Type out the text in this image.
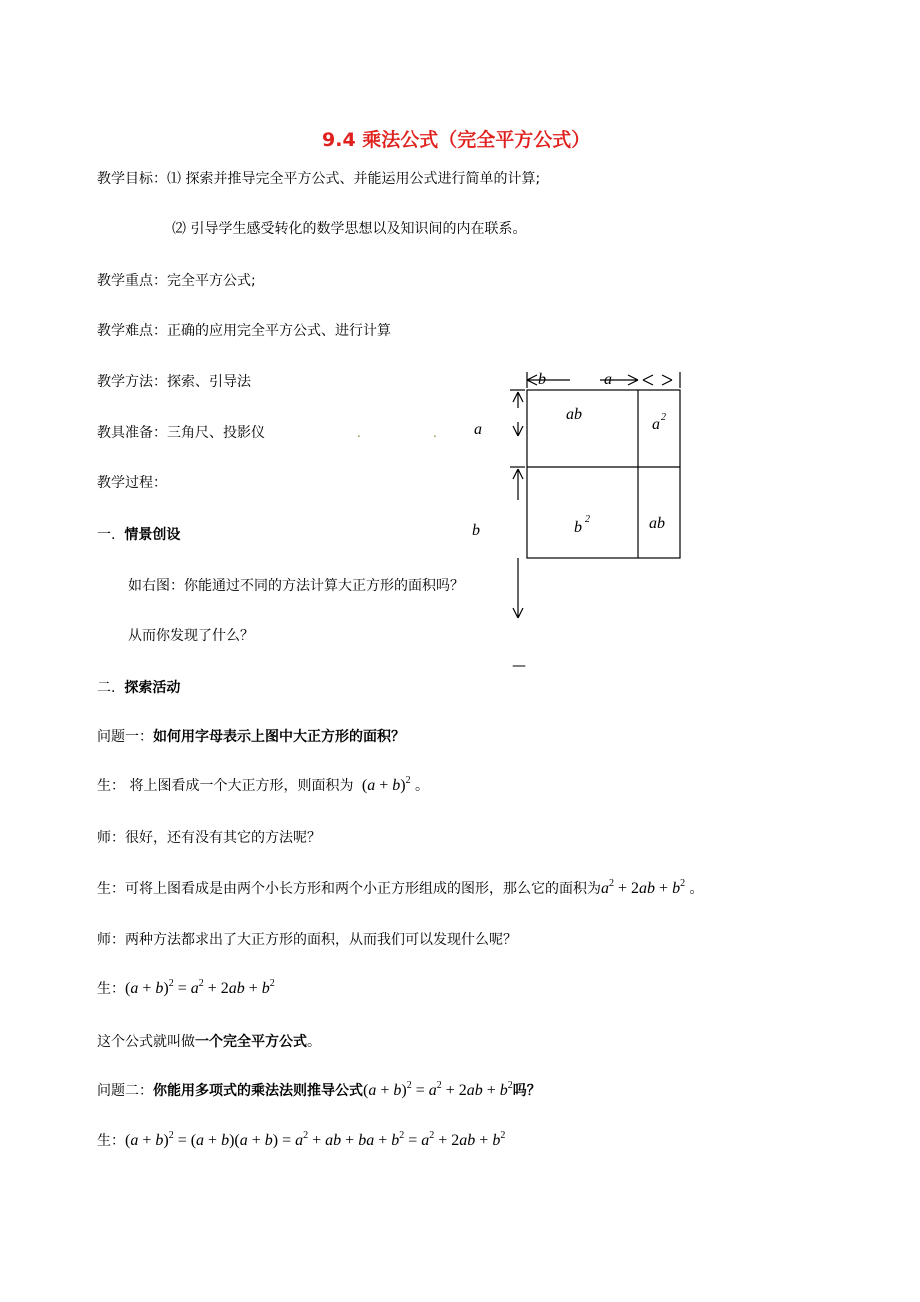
9.4 乘法公式（完全平方公式）
教学目标：⑴ 探索并推导完全平方公式、并能运用公式进行简单的计算;
⑵ 引导学生感受转化的数学思想以及知识间的内在联系。
教学重点：完全平方公式;
教学难点：正确的应用完全平方公式、进行计算
教学方法：探索、引导法
教具准备：三角尺、投影仪	.	. a
教学过程：
一. 情景创设	b
如右图：你能通过不同的方法计算大正方形的面积吗？
从而你发现了什么？
—
二. 探索活动
问题一：如何用字母表示上图中大正方形的面积？
生： 将上图看成一个大正方形，则面积为  $(a + b)^2$ 。
师：很好，还有没有其它的方法呢？
生：可将上图看成是由两个小长方形和两个小正方形组成的图形，那么它的面积为$a^2 + 2ab + b^2$ 。
师：两种方法都求出了大正方形的面积，从而我们可以发现什么呢？
生：$(a + b)^2 = a^2 + 2ab + b^2$
这个公式就叫做一个完全平方公式。
问题二：你能用多项式的乘法法则推导公式$(a + b)^2 = a^2 + 2ab + b^2$吗？
生：$(a + b)^2 = (a + b)(a + b) = a^2$ + ab + ba + $b^2 = a^2 + 2ab + b^2$
b	a
ab
a 2
b 2	ab
